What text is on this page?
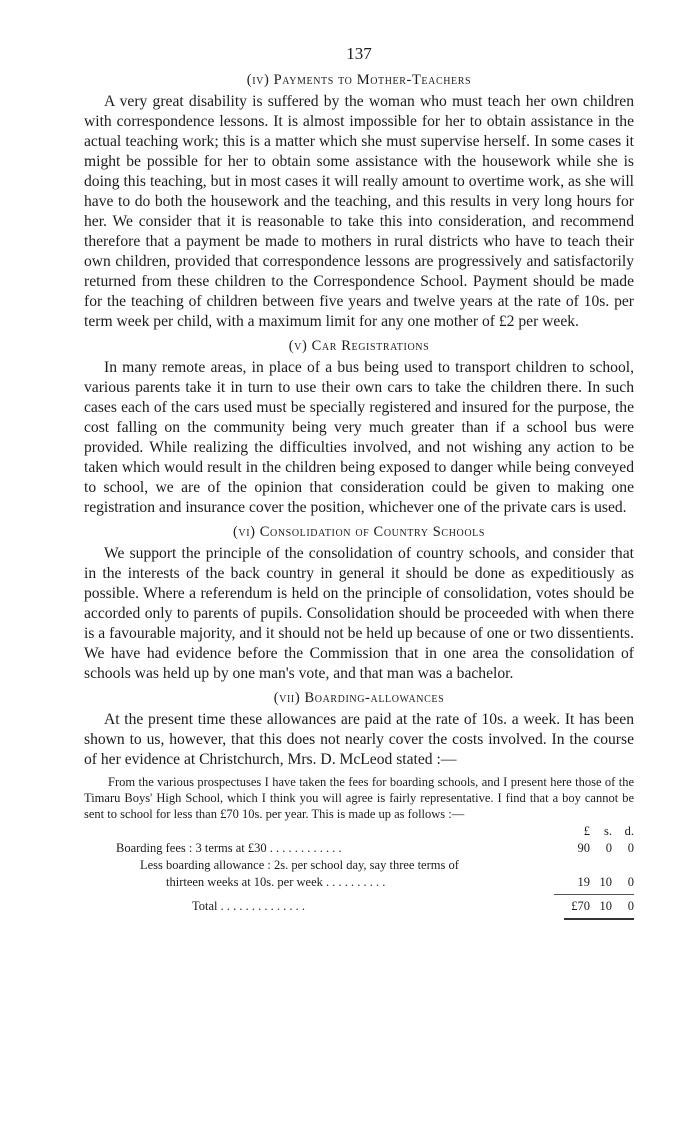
137
(iv) Payments to Mother-Teachers

A very great disability is suffered by the woman who must teach her own children with correspondence lessons. It is almost impossible for her to obtain assistance in the actual teaching work; this is a matter which she must supervise herself. In some cases it might be possible for her to obtain some assistance with the housework while she is doing this teaching, but in most cases it will really amount to overtime work, as she will have to do both the housework and the teaching, and this results in very long hours for her. We consider that it is reasonable to take this into consideration, and recommend therefore that a payment be made to mothers in rural districts who have to teach their own children, provided that correspondence lessons are progressively and satisfactorily returned from these children to the Correspondence School. Payment should be made for the teaching of children between five years and twelve years at the rate of 10s. per term week per child, with a maximum limit for any one mother of £2 per week.

(v) Car Registrations

In many remote areas, in place of a bus being used to transport children to school, various parents take it in turn to use their own cars to take the children there. In such cases each of the cars used must be specially registered and insured for the purpose, the cost falling on the community being very much greater than if a school bus were provided. While realizing the difficulties involved, and not wishing any action to be taken which would result in the children being exposed to danger while being conveyed to school, we are of the opinion that consideration could be given to making one registration and insurance cover the position, whichever one of the private cars is used.

(vi) Consolidation of Country Schools

We support the principle of the consolidation of country schools, and consider that in the interests of the back country in general it should be done as expeditiously as possible. Where a referendum is held on the principle of consolidation, votes should be accorded only to parents of pupils. Consolidation should be proceeded with when there is a favourable majority, and it should not be held up because of one or two dissentients. We have had evidence before the Commission that in one area the consolidation of schools was held up by one man's vote, and that man was a bachelor.

(vii) Boarding-allowances

At the present time these allowances are paid at the rate of 10s. a week. It has been shown to us, however, that this does not nearly cover the costs involved. In the course of her evidence at Christchurch, Mrs. D. McLeod stated :—

From the various prospectuses I have taken the fees for boarding schools, and I present here those of the Timaru Boys' High School, which I think you will agree is fairly representative. I find that a boy cannot be sent to school for less than £70 10s. per year. This is made up as follows :—

£	s.	d.
Boarding fees : 3 terms at £30 . . . . . . . . . . . .	90 0 0
Less boarding allowance : 2s. per school day, say three terms of
thirteen weeks at 10s. per week . . . . . . . . . .	19 10 0
Total . . . . . . . . . . . . . .	£70 10 0
